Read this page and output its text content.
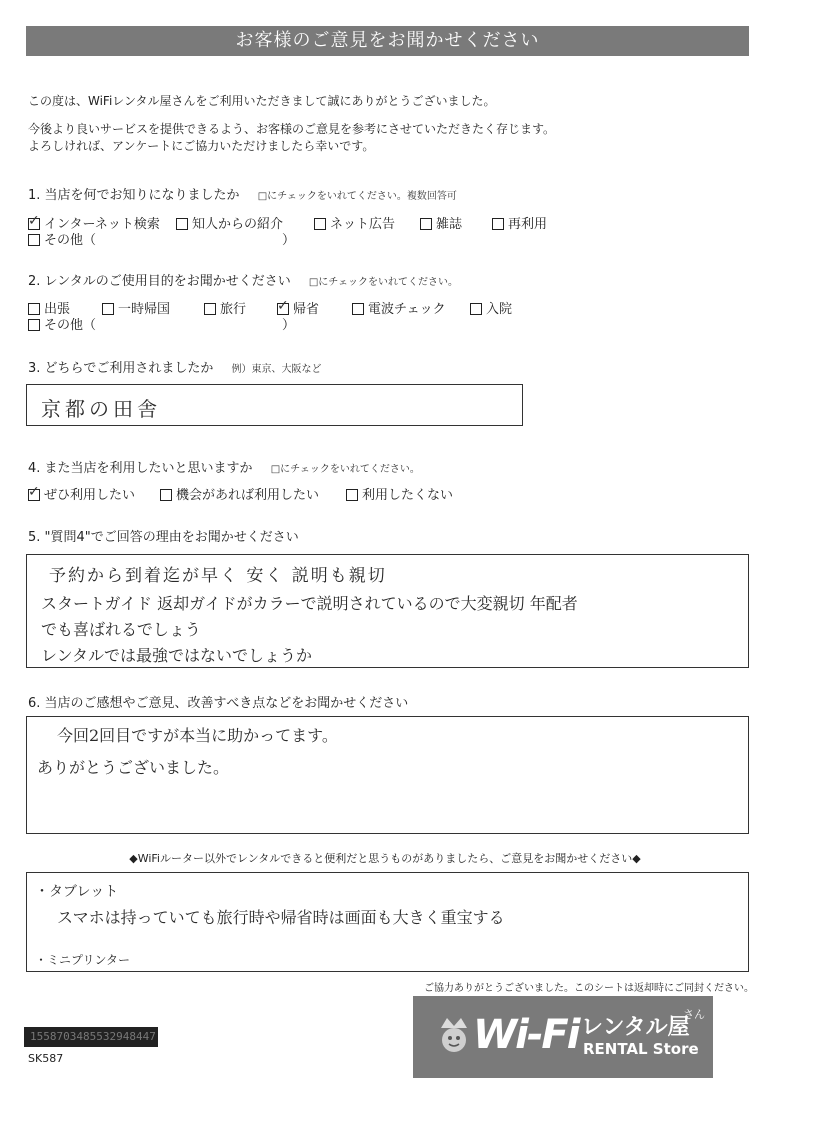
お客様のご意見をお聞かせください
この度は、WiFiレンタル屋さんをご利用いただきまして誠にありがとうございました。
今後より良いサービスを提供できるよう、お客様のご意見を参考にさせていただきたく存じます。
よろしければ、アンケートにご協力いただけましたら幸いです。
1. 当店を何でお知りになりましたか □にチェックをいれてください。複数回答可
✓ インターネット検索	知人からの紹介	ネット広告	雑誌	再利用
その他（	）
2. レンタルのご使用目的をお聞かせください □にチェックをいれてください。
出張	一時帰国	旅行 ✓ 帰省	電波チェック	入院
その他（	）
3. どちらでご利用されましたか 例）東京、大阪など
京都の田舎
4. また当店を利用したいと思いますか □にチェックをいれてください。
✓ ぜひ利用したい	機会があれば利用したい	利用したくない
5. "質問4"でご回答の理由をお聞かせください
予約から到着迄が早く 安く 説明も親切
スタートガイド 返却ガイドがカラーで説明されているので大変親切 年配者
でも喜ばれるでしょう
レンタルでは最強ではないでしょうか
6. 当店のご感想やご意見、改善すべき点などをお聞かせください
今回2回目ですが本当に助かってます。
ありがとうございました。
◆WiFiルーター以外でレンタルできると便利だと思うものがありましたら、ご意見をお聞かせください◆
・タブレット
スマホは持っていても旅行時や帰省時は画面も大きく重宝する
・ミニプリンター
ご協力ありがとうございました。このシートは返却時にご同封ください。
Wi-Fi レンタル屋
さん
RENTAL Store
1558703485532948447
SK587
